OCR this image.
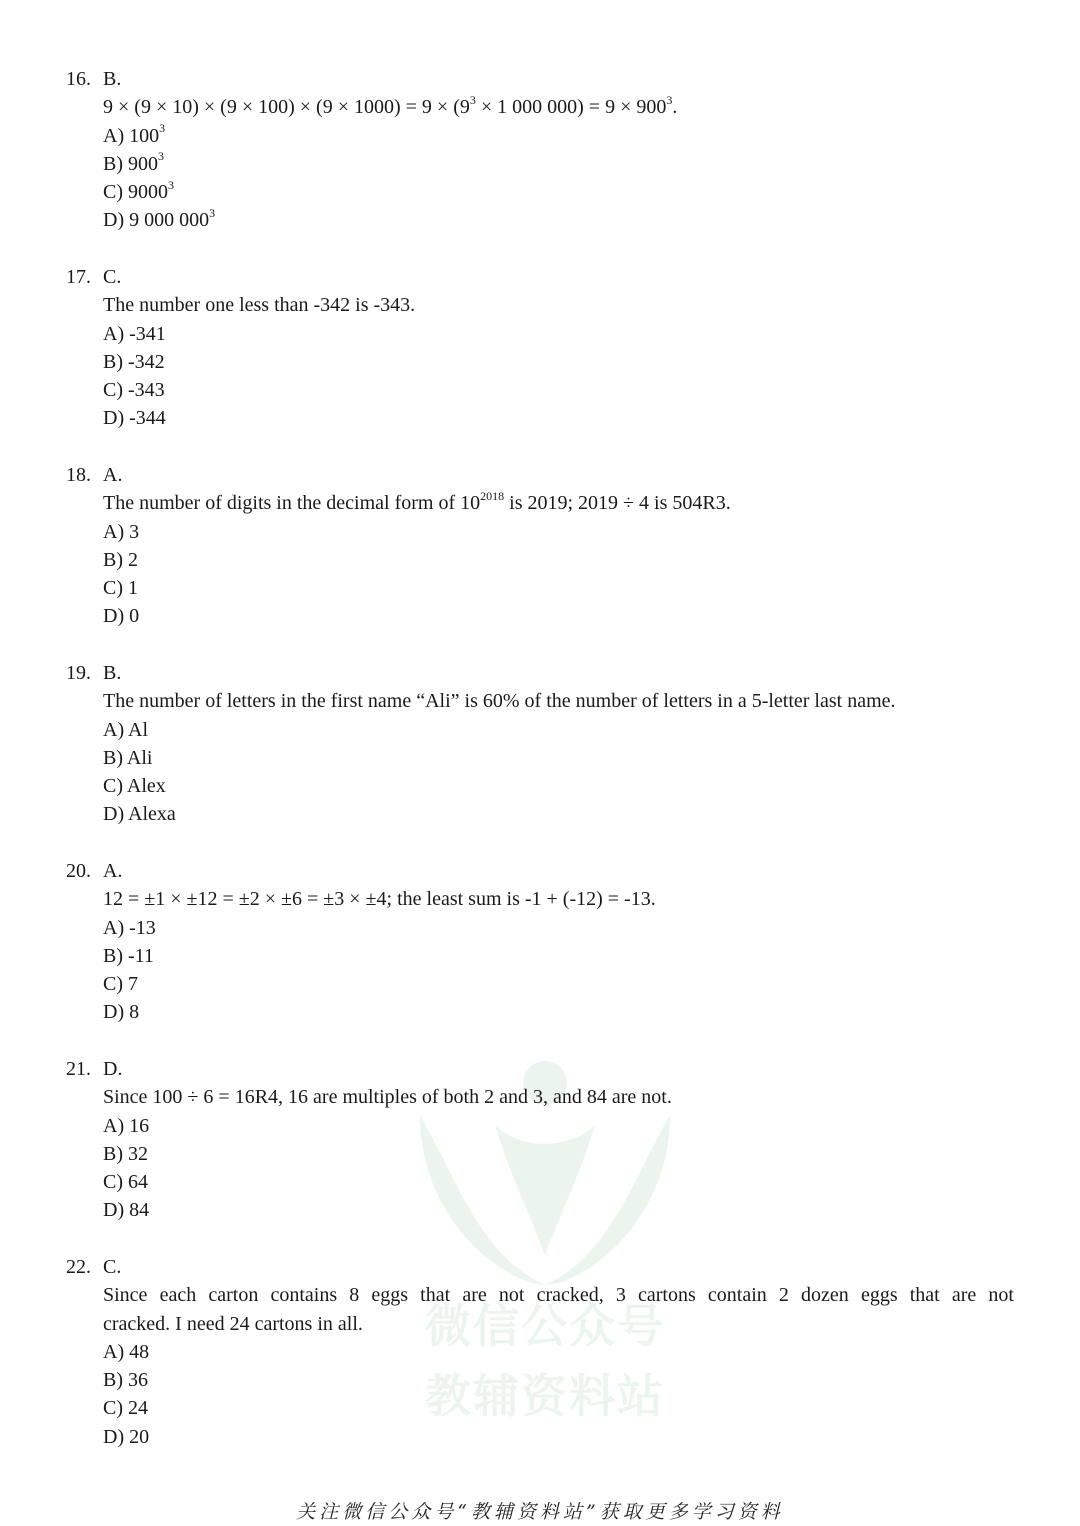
微信公众号
教辅资料站
16. B.
$9 \times (9 \times 10) \times (9 \times 100) \times (9 \times 1000) = 9 \times (9^3 \times 1$ 000 $000) = 9 \times 900^3$.
A) $100^3$
B) $900^3$
C) 9000$^3$
D) 9 000 $000^3$
17. C.
The number one less than -342 is -343.
A) -341
B) -342
C) -343
D) -344
18. A.
The number of digits in the decimal form of $10^{2018}$ is 2019; 2019 ÷ 4 is 504R3.
A) 3
B) 2
C) 1
D) 0
19. B.
The number of letters in the first name “Ali” is 60% of the number of letters in a 5-letter last name.
A) Al
B) Ali
C) Alex
D) Alexa
20. A.
12 = ±1 × ±12 = ±2 × ±6 = ±3 × ±4; the least sum is -1 + (-12) = -13.
A) -13
B) -11
C) 7
D) 8
21. D.
Since 100 ÷ 6 = 16R4, 16 are multiples of both 2 and 3, and 84 are not.
A) 16
B) 32
C) 64
D) 84
22. C.
Since each carton contains 8 eggs that are not cracked, 3 cartons contain 2 dozen eggs that are not
cracked. I need 24 cartons in all.
A) 48
B) 36
C) 24
D) 20
关注微信公众号“教辅资料站”获取更多学习资料
